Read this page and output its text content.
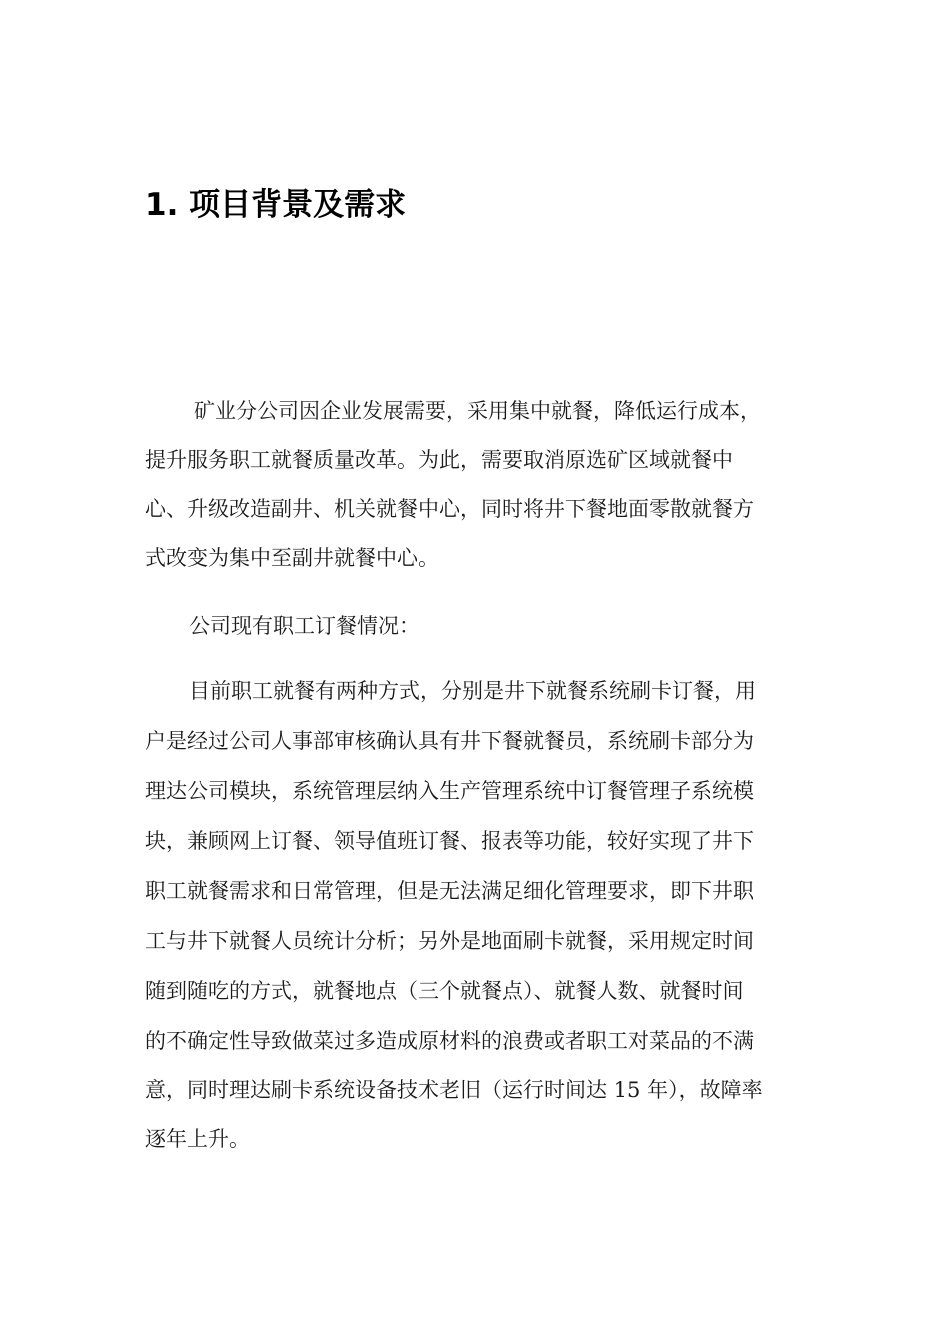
1. 项目背景及需求
矿业分公司因企业发展需要，采用集中就餐，降低运行成本，
提升服务职工就餐质量改革。为此，需要取消原选矿区域就餐中
心、升级改造副井、机关就餐中心，同时将井下餐地面零散就餐方
式改变为集中至副井就餐中心。
公司现有职工订餐情况：
目前职工就餐有两种方式，分别是井下就餐系统刷卡订餐，用
户是经过公司人事部审核确认具有井下餐就餐员，系统刷卡部分为
理达公司模块，系统管理层纳入生产管理系统中订餐管理子系统模
块，兼顾网上订餐、领导值班订餐、报表等功能，较好实现了井下
职工就餐需求和日常管理，但是无法满足细化管理要求，即下井职
工与井下就餐人员统计分析；另外是地面刷卡就餐，采用规定时间
随到随吃的方式，就餐地点（三个就餐点）、就餐人数、就餐时间
的不确定性导致做菜过多造成原材料的浪费或者职工对菜品的不满
意，同时理达刷卡系统设备技术老旧（运行时间达 15 年），故障率
逐年上升。
